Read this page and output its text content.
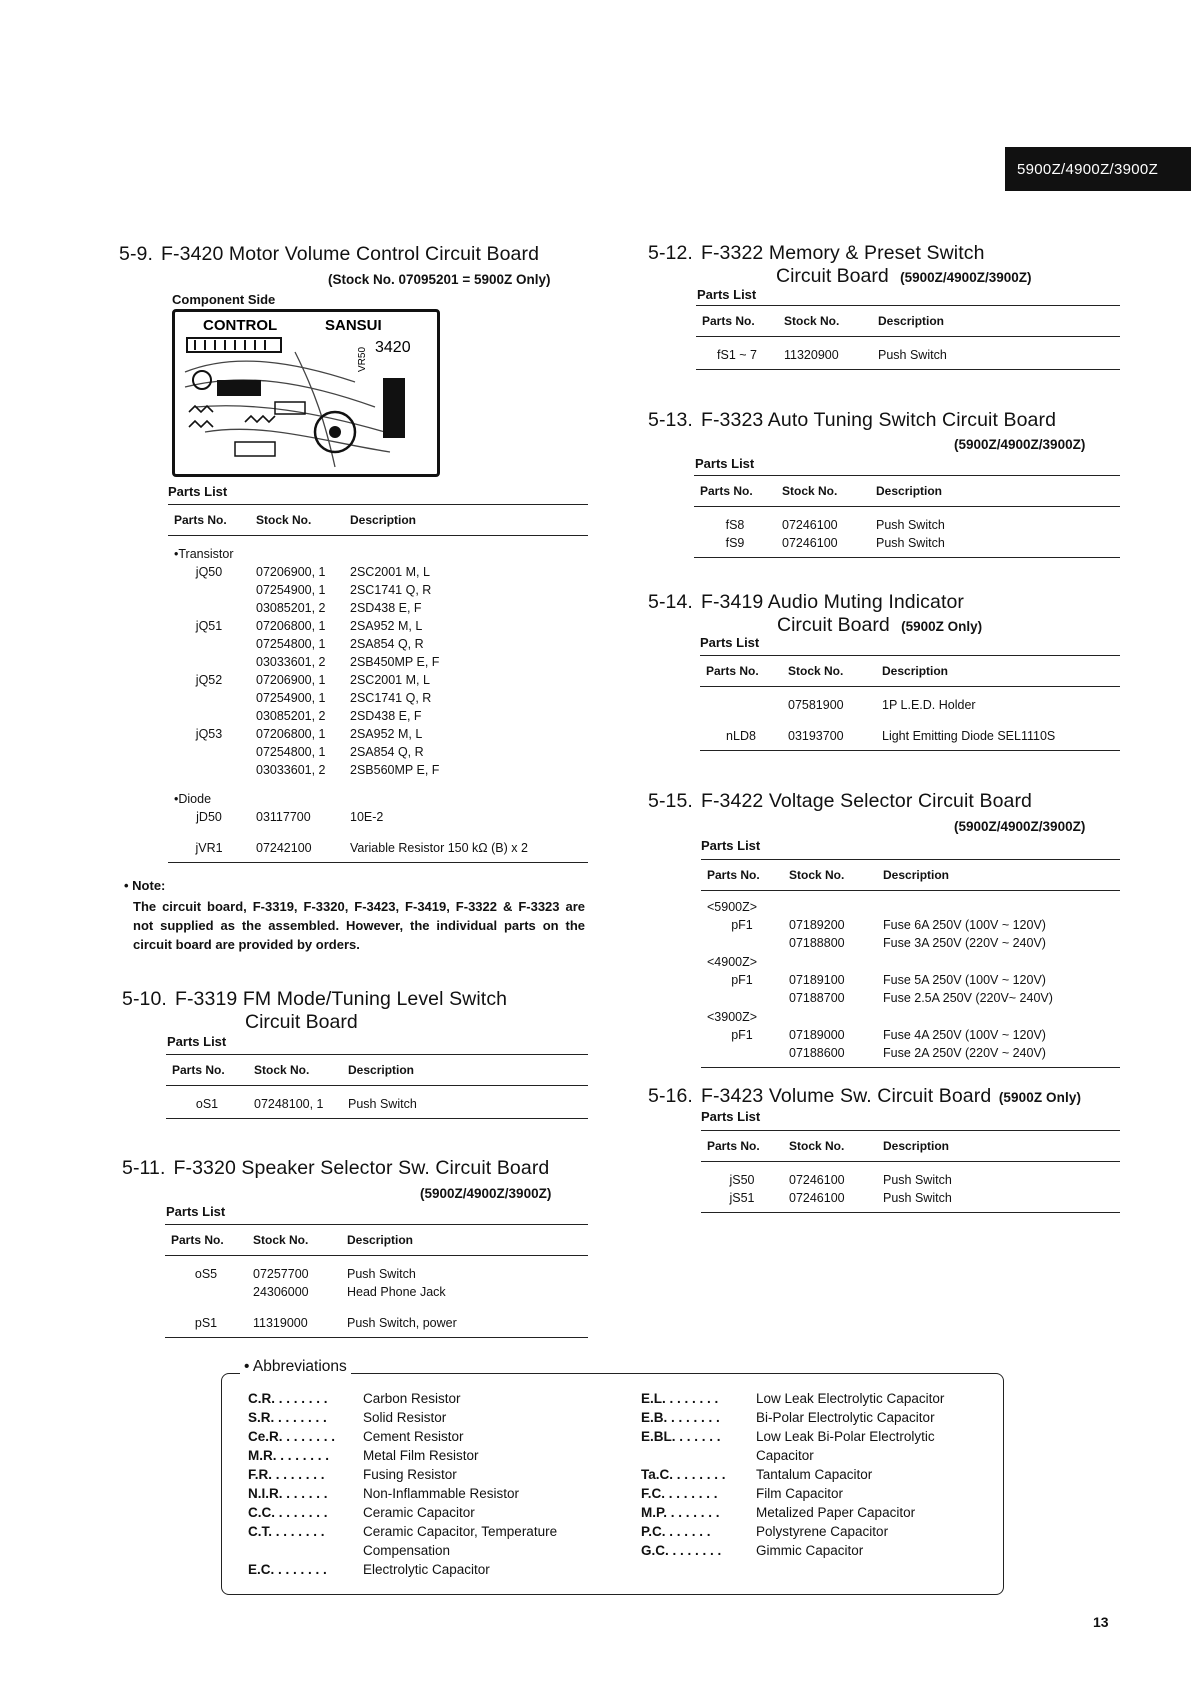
5900Z/4900Z/3900Z
5-9. F-3420 Motor Volume Control Circuit Board
(Stock No. 07095201 = 5900Z Only)
Component Side
CONTROL	SANSUI
3420
VR50
Parts List
Parts No.	Stock No.	Description
•Transistor		
jQ50	07206900, 1	2SC2001 M, L
	07254900, 1	2SC1741 Q, R
	03085201, 2	2SD438 E, F
jQ51	07206800, 1	2SA952 M, L
	07254800, 1	2SA854 Q, R
	03033601, 2	2SB450MP E, F
jQ52	07206900, 1	2SC2001 M, L
	07254900, 1	2SC1741 Q, R
	03085201, 2	2SD438 E, F
jQ53	07206800, 1	2SA952 M, L
	07254800, 1	2SA854 Q, R
	03033601, 2	2SB560MP E, F
•Diode		
jD50	03117700	10E-2
jVR1	07242100	Variable Resistor 150 kΩ (B) x 2
• Note:
The circuit board, F-3319, F-3320, F-3423, F-3419, F-3322 & F-3323 are not supplied as the assembled. However, the individual parts on the circuit board are provided by orders.
5-10. F-3319 FM Mode/Tuning Level Switch
Circuit Board
Parts List
Parts No.	Stock No.	Description
oS1	07248100, 1	Push Switch
5-11. F-3320 Speaker Selector Sw. Circuit Board
(5900Z/4900Z/3900Z)
Parts List
Parts No.	Stock No.	Description
oS5	07257700	Push Switch
	24306000	Head Phone Jack
pS1	11319000	Push Switch, power
5-12. F-3322 Memory & Preset Switch
Circuit Board (5900Z/4900Z/3900Z)
Parts List
Parts No.	Stock No.	Description
fS1 ~ 7	11320900	Push Switch
5-13. F-3323 Auto Tuning Switch Circuit Board
(5900Z/4900Z/3900Z)
Parts List
Parts No.	Stock No.	Description
fS8	07246100	Push Switch
fS9	07246100	Push Switch
5-14. F-3419 Audio Muting Indicator
Circuit Board (5900Z Only)
Parts List
Parts No.	Stock No.	Description
	07581900	1P L.E.D. Holder
nLD8	03193700	Light Emitting Diode SEL1110S
5-15. F-3422 Voltage Selector Circuit Board
(5900Z/4900Z/3900Z)
Parts List
Parts No.	Stock No.	Description
<5900Z>		
pF1	07189200	Fuse 6A 250V (100V ~ 120V)
	07188800	Fuse 3A 250V (220V ~ 240V)
<4900Z>		
pF1	07189100	Fuse 5A 250V (100V ~ 120V)
	07188700	Fuse 2.5A 250V (220V~ 240V)
<3900Z>		
pF1	07189000	Fuse 4A 250V (100V ~ 120V)
	07188600	Fuse 2A 250V (220V ~ 240V)
5-16. F-3423 Volume Sw. Circuit Board (5900Z Only)
Parts List
Parts No.	Stock No.	Description
jS50	07246100	Push Switch
jS51	07246100	Push Switch
• Abbreviations
C.R. . . . . . . .	Carbon Resistor
S.R. . . . . . . .	Solid Resistor
Ce.R. . . . . . . . Cement Resistor
M.R. . . . . . . .	Metal Film Resistor
F.R. . . . . . . .	Fusing Resistor
N.I.R. . . . . . .	Non-Inflammable Resistor
C.C. . . . . . . .	Ceramic Capacitor
C.T. . . . . . . .	Ceramic Capacitor, Temperature
Compensation
E.C. . . . . . . .	Electrolytic Capacitor
E.L. . . . . . . .	Low Leak Electrolytic Capacitor
E.B. . . . . . . .	Bi-Polar Electrolytic Capacitor
E.BL. . . . . . .	Low Leak Bi-Polar Electrolytic
Capacitor
Ta.C. . . . . . . . Tantalum Capacitor
F.C. . . . . . . .	Film Capacitor
M.P. . . . . . . .	Metalized Paper Capacitor
P.C. . . . . . .	Polystyrene Capacitor
G.C. . . . . . . .	Gimmic Capacitor
13
